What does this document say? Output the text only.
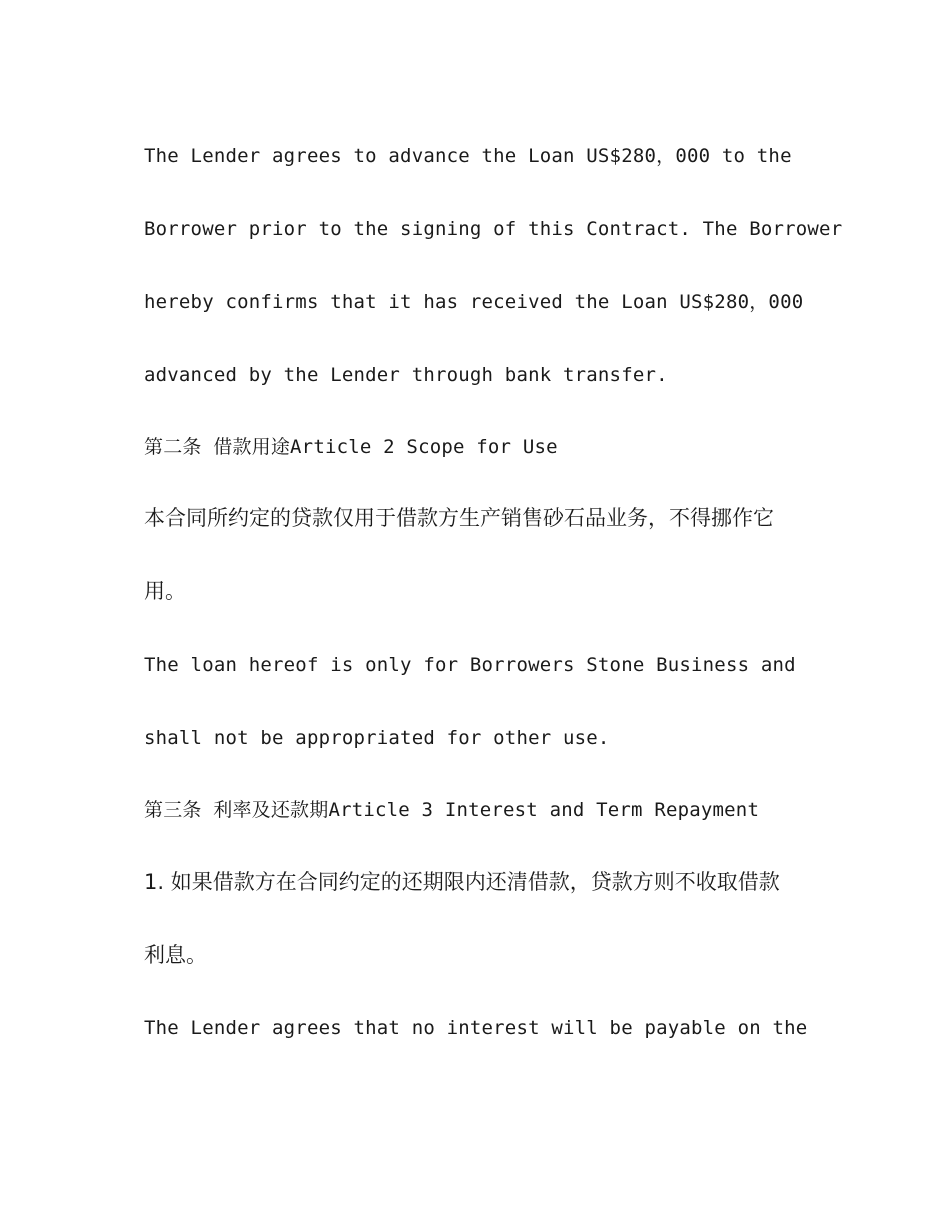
The Lender agrees to advance the Loan US$280，000 to the
Borrower prior to the signing of this Contract. The Borrower
hereby confirms that it has received the Loan US$280，000
advanced by the Lender through bank transfer.
第二条 借款用途Article 2 Scope for Use
本合同所约定的贷款仅用于借款方生产销售砂石品业务，不得挪作它
用。
The loan hereof is only for Borrowers Stone Business and
shall not be appropriated for other use.
第三条 利率及还款期Article 3 Interest and Term Repayment
1. 如果借款方在合同约定的还期限内还清借款，贷款方则不收取借款
利息。
The Lender agrees that no interest will be payable on the
